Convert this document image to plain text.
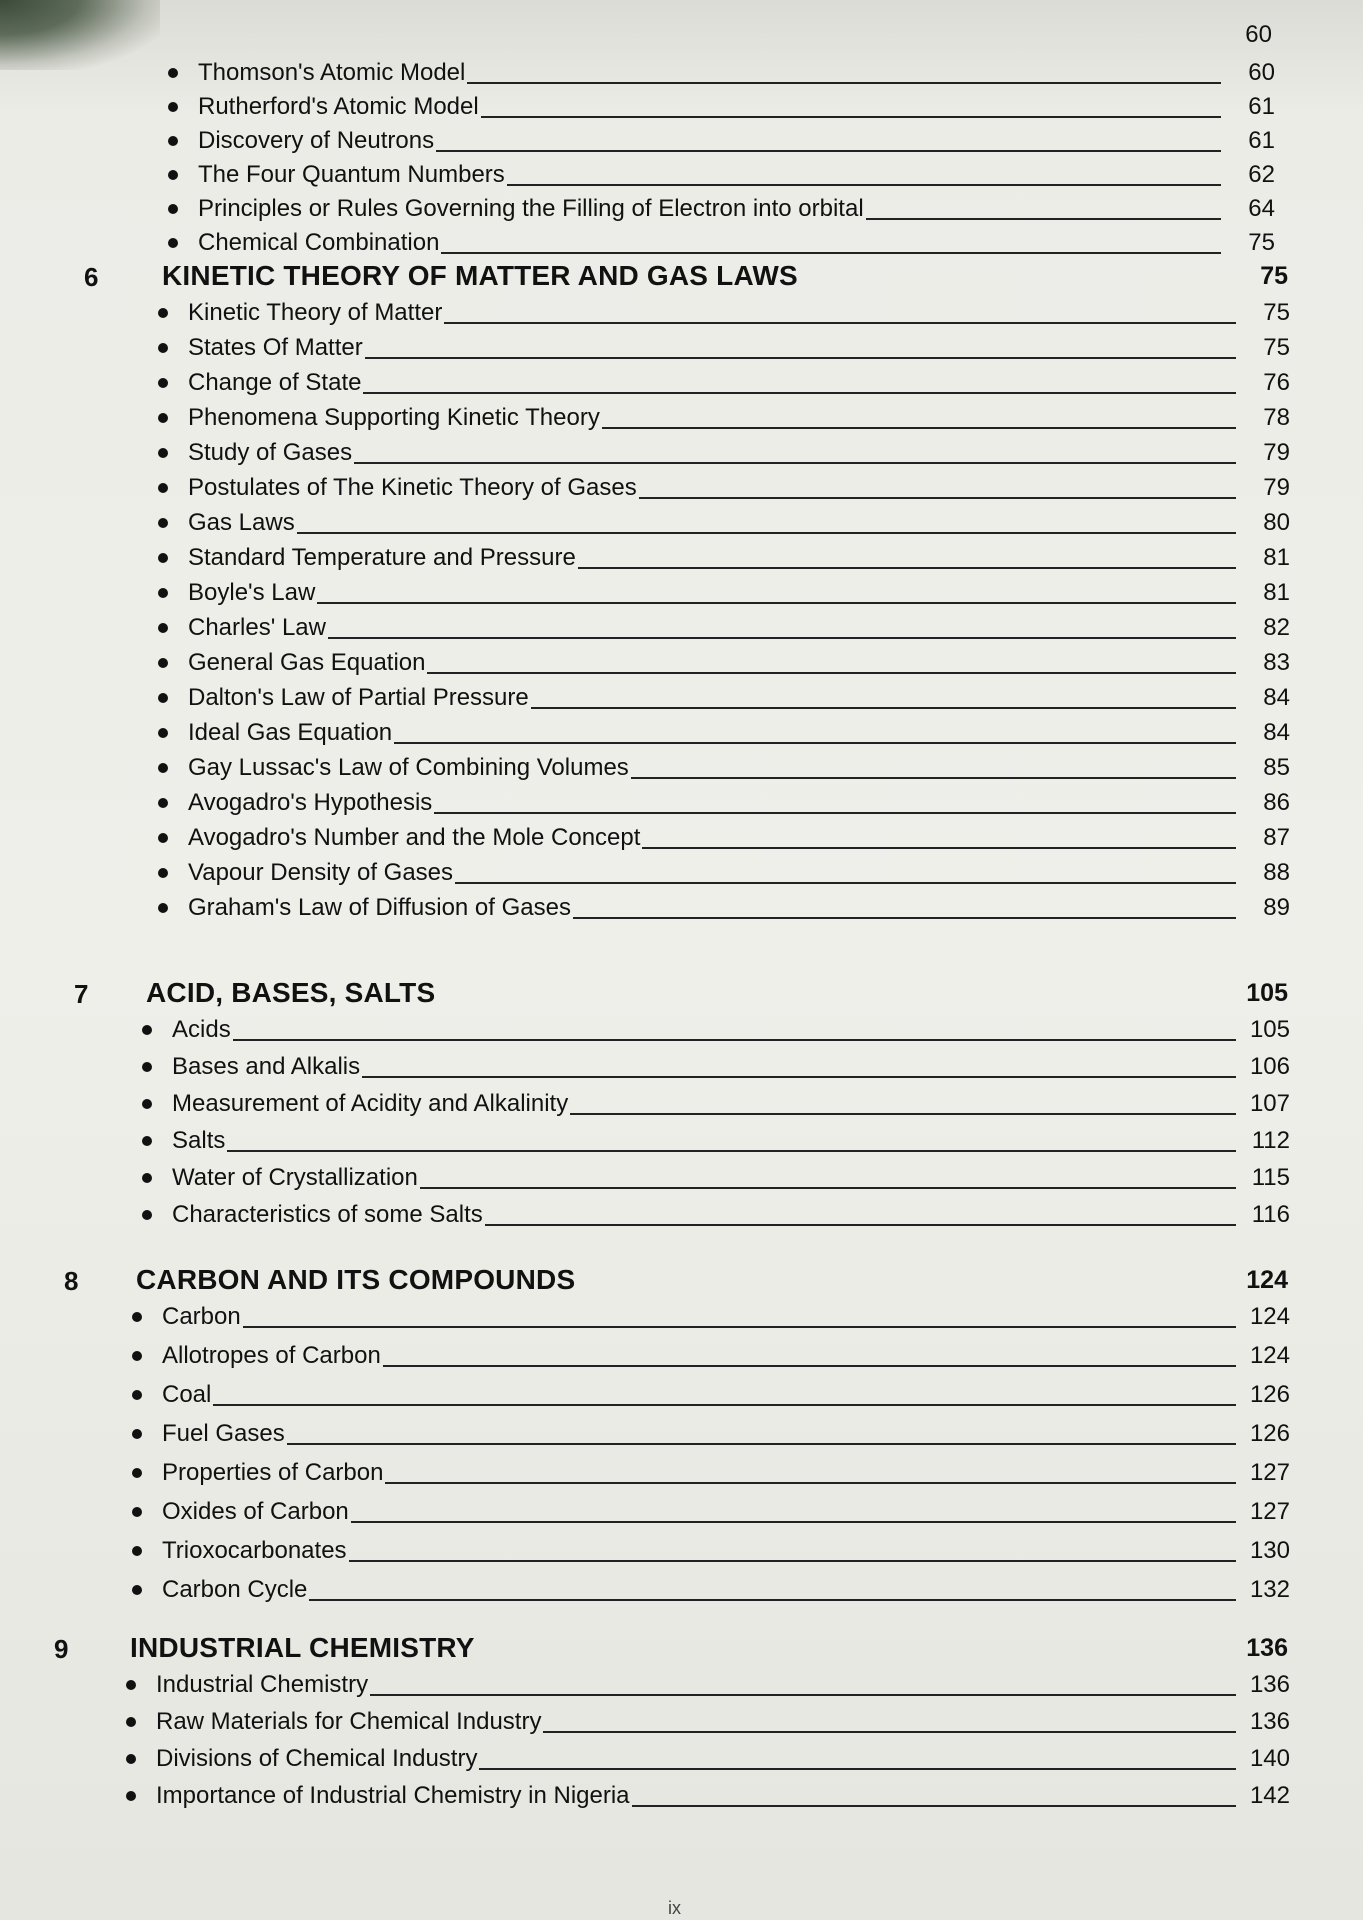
60
Thomson's Atomic Model	60
Rutherford's Atomic Model	61
Discovery of Neutrons	61
The Four Quantum Numbers	62
Principles or Rules Governing the Filling of Electron into orbital	64
Chemical Combination	75
6	KINETIC THEORY OF MATTER AND GAS LAWS	75
Kinetic Theory of Matter	75
States Of Matter	75
Change of State	76
Phenomena Supporting Kinetic Theory	78
Study of Gases	79
Postulates of The Kinetic Theory of Gases	79
Gas Laws	80
Standard Temperature and Pressure	81
Boyle's Law	81
Charles' Law	82
General Gas Equation	83
Dalton's Law of Partial Pressure	84
Ideal Gas Equation	84
Gay Lussac's Law of Combining Volumes	85
Avogadro's Hypothesis	86
Avogadro's Number and the Mole Concept	87
Vapour Density of Gases	88
Graham's Law of Diffusion of Gases	89
7	ACID, BASES, SALTS	105
Acids	105
Bases and Alkalis	106
Measurement of Acidity and Alkalinity	107
Salts	112
Water of Crystallization	115
Characteristics of some Salts	116
8	CARBON AND ITS COMPOUNDS	124
Carbon	124
Allotropes of Carbon	124
Coal	126
Fuel Gases	126
Properties of Carbon	127
Oxides of Carbon	127
Trioxocarbonates	130
Carbon Cycle	132
9	INDUSTRIAL CHEMISTRY	136
Industrial Chemistry	136
Raw Materials for Chemical Industry	136
Divisions of Chemical Industry	140
Importance of Industrial Chemistry in Nigeria	142
ix
